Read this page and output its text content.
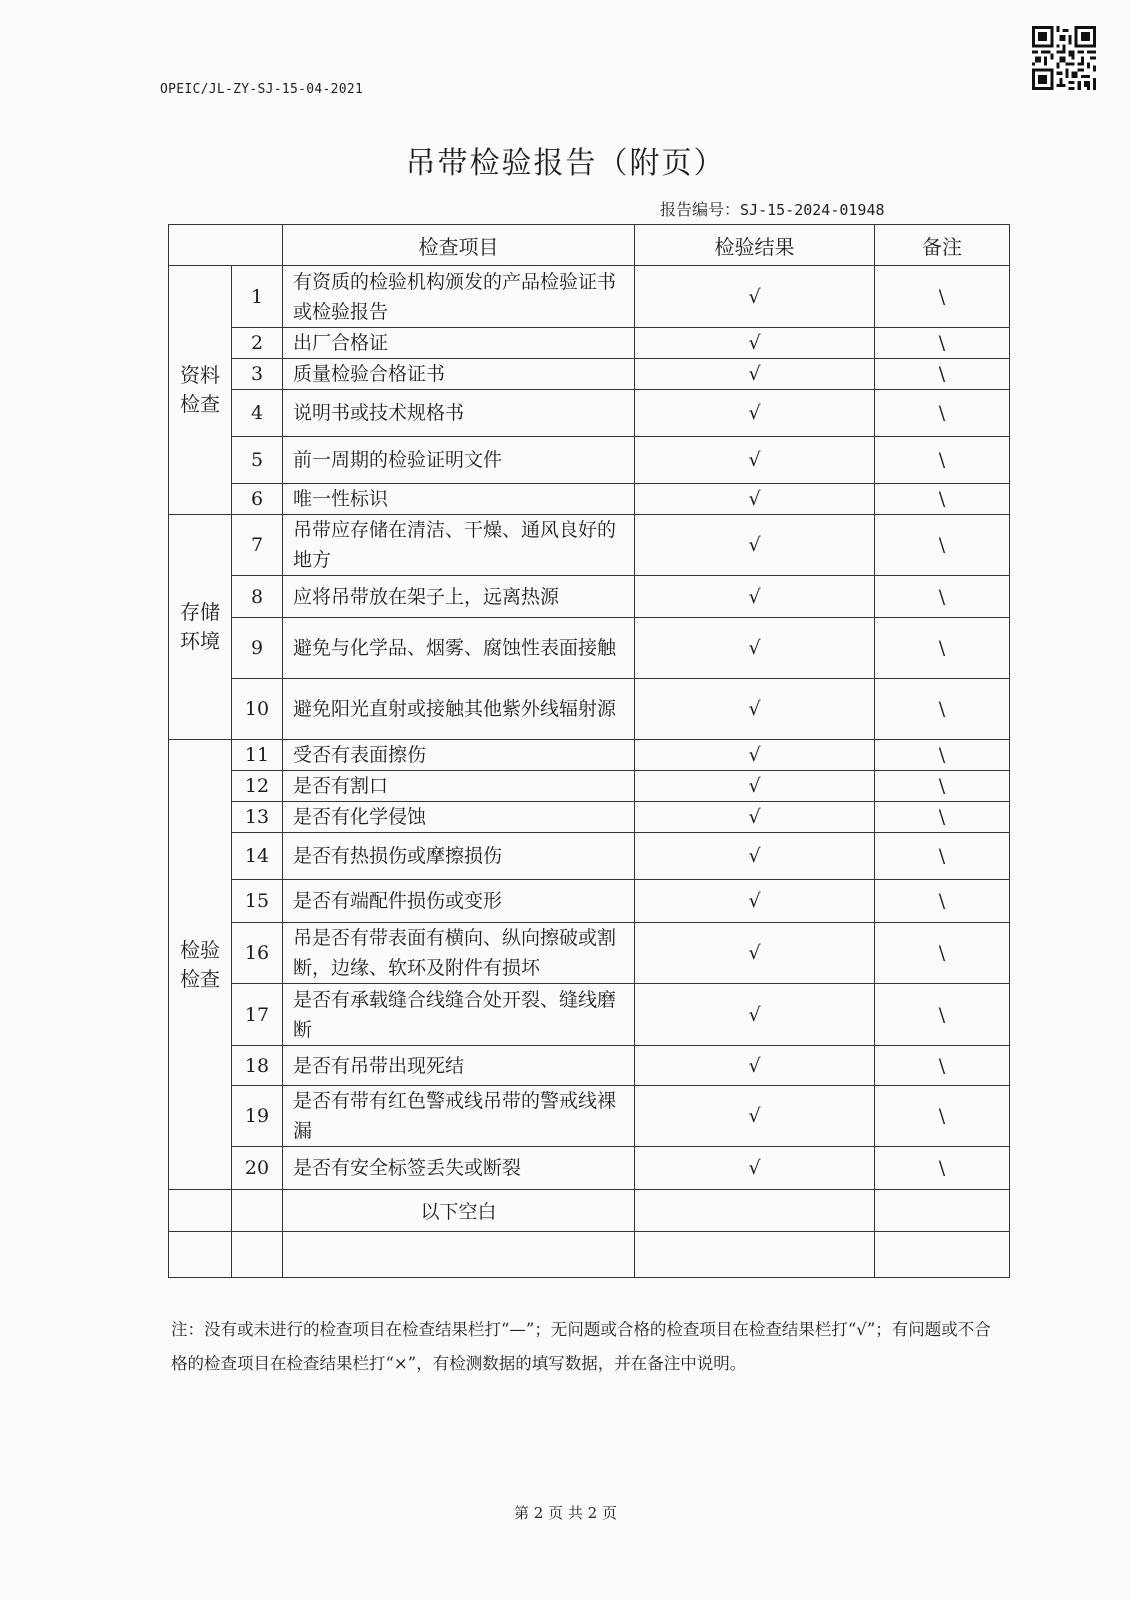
OPEIC/JL-ZY-SJ-15-04-2021
吊带检验报告（附页）
报告编号：SJ-15-2024-01948
		检查项目	检验结果	备注
资料检查	1	有资质的检验机构颁发的产品检验证书或检验报告	√	\
	2	出厂合格证	√	\
	3	质量检验合格证书	√	\
	4	说明书或技术规格书	√	\
	5	前一周期的检验证明文件	√	\
	6	唯一性标识	√	\
存储环境	7	吊带应存储在清洁、干燥、通风良好的地方	√	\
	8	应将吊带放在架子上，远离热源	√	\
	9	避免与化学品、烟雾、腐蚀性表面接触	√	\
	10	避免阳光直射或接触其他紫外线辐射源	√	\
检验检查	11	受否有表面擦伤	√	\
	12	是否有割口	√	\
	13	是否有化学侵蚀	√	\
	14	是否有热损伤或摩擦损伤	√	\
	15	是否有端配件损伤或变形	√	\
	16	吊是否有带表面有横向、纵向擦破或割断，边缘、软环及附件有损坏	√	\
	17	是否有承载缝合线缝合处开裂、缝线磨断	√	\
	18	是否有吊带出现死结	√	\
	19	是否有带有红色警戒线吊带的警戒线裸漏	√	\
	20	是否有安全标签丢失或断裂	√	\
		以下空白		

注：没有或未进行的检查项目在检查结果栏打“—”；无问题或合格的检查项目在检查结果栏打“√”；有问题或不合格的检查项目在检查结果栏打“×”，有检测数据的填写数据，并在备注中说明。
第 2 页 共 2 页
